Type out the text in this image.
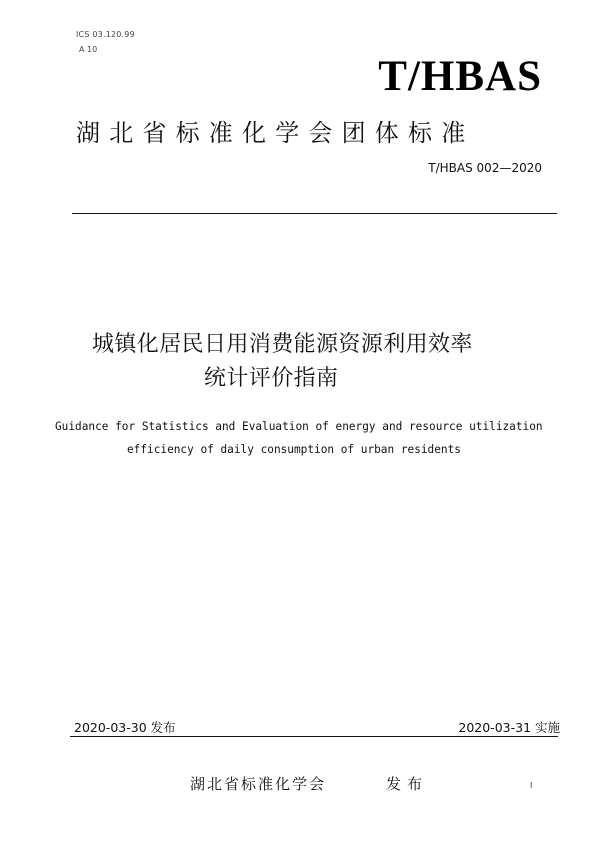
ICS 03.120.99
A 10
T/HBAS
湖北省标准化学会团体标准
T/HBAS 002—2020
城镇化居民日用消费能源资源利用效率
统计评价指南
Guidance for Statistics and Evaluation of energy and resource utilization
efficiency of daily consumption of urban residents
2020-03-30 发布	2020-03-31 实施
湖北省标准化学会	发布	I
